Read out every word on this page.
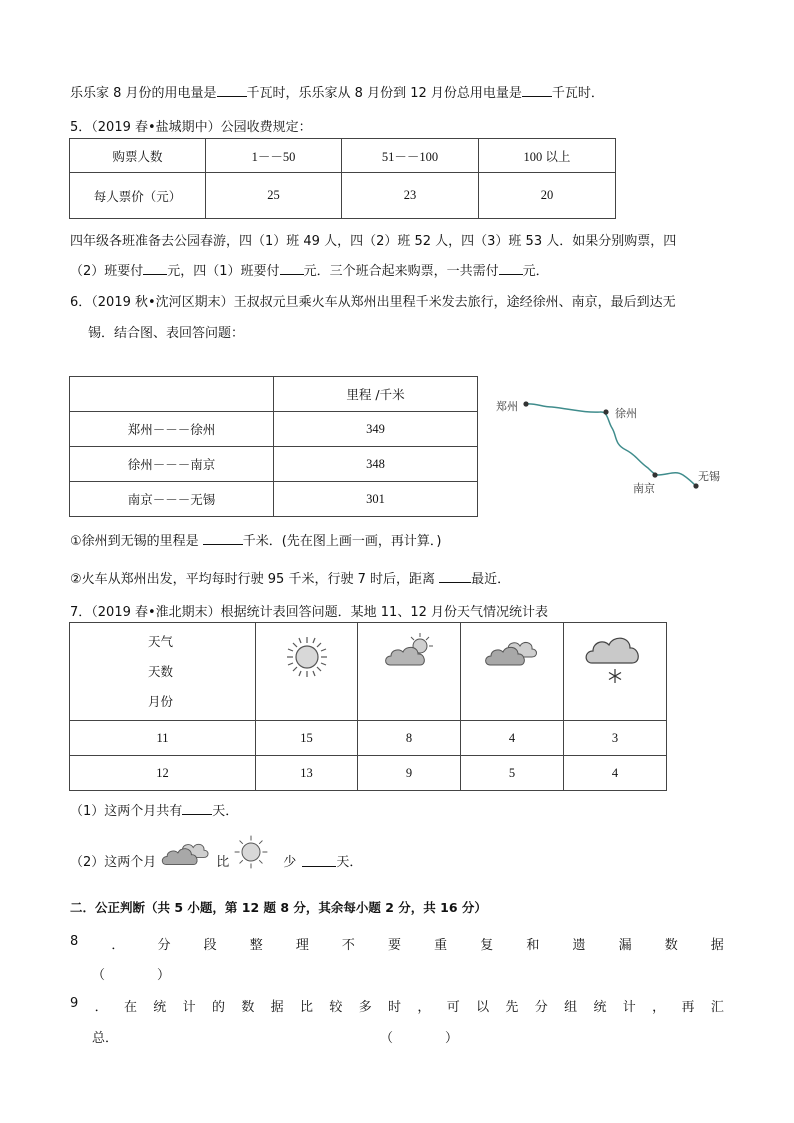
乐乐家 8 月份的用电量是 千瓦时，乐乐家从 8 月份到 12 月份总用电量是 千瓦时．
5．（2019 春•盐城期中）公园收费规定：
购票人数	1－－50	51－－100	100 以上
每人票价（元）	25	23	20
四年级各班准备去公园春游，四（1）班 49 人，四（2）班 52 人，四（3）班 53 人．如果分别购票，四
（2）班要付 元，四（1）班要付 元．三个班合起来购票，一共需付 元．
6．（2019 秋•沈河区期末）王叔叔元旦乘火车从郑州出里程千米发去旅行，途经徐州、南京，最后到达无
锡．结合图、表回答问题：
	里程 /千米
郑州－－－徐州	349
徐州－－－南京	348
南京－－－无锡	301
郑州
徐州
南京
无锡
①徐州到无锡的里程是	千米．(先在图上画一画，再计算．)
②火车从郑州出发，平均每时行驶 95 千米，行驶 7 时后，距离 最近．
7．（2019 春•淮北期末）根据统计表回答问题．某地 11、12 月份天气情况统计表
天气
天数
月份

11	15	8	4	3
12	13	9	5	4
（1）这两个月共有 天．
（2）这两个月	比	少	天．
二．公正判断（共 5 小题，第 12 题 8 分，其余每小题 2 分，共 16 分）
8	．	分	段	整	理	不	要	重	复	和	遗	漏	数	据
（　　　　）
9 ． 在 统 计 的 数 据 比 较 多 时 ， 可 以 先 分 组 统 计 ， 再 汇
总．	（　　　　）
